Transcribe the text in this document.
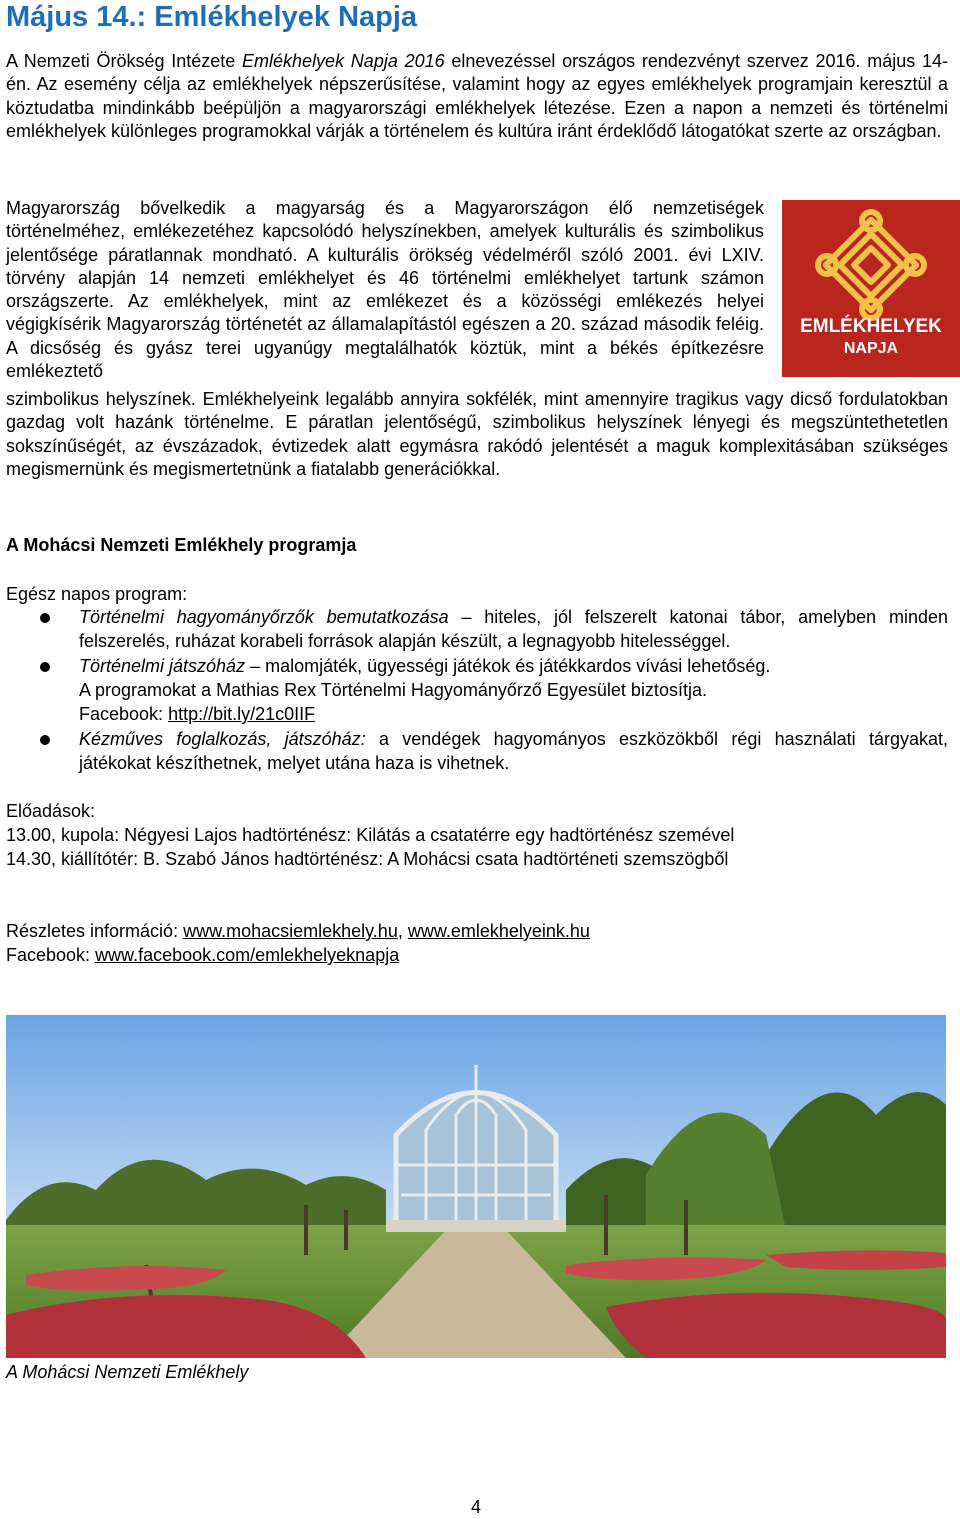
Május 14.: Emlékhelyek Napja
A Nemzeti Örökség Intézete Emlékhelyek Napja 2016 elnevezéssel országos rendezvényt szervez 2016. május 14-én. Az esemény célja az emlékhelyek népszerűsítése, valamint hogy az egyes emlékhelyek programjain keresztül a köztudatba mindinkább beépüljön a magyarországi emlékhelyek létezése. Ezen a napon a nemzeti és történelmi emlékhelyek különleges programokkal várják a történelem és kultúra iránt érdeklődő látogatókat szerte az országban.
Magyarország bővelkedik a magyarság és a Magyarországon élő nemzetiségek történelméhez, emlékezetéhez kapcsolódó helyszínekben, amelyek kulturális és szimbolikus jelentősége páratlannak mondható. A kulturális örökség védelméről szóló 2001. évi LXIV. törvény alapján 14 nemzeti emlékhelyet és 46 történelmi emlékhelyet tartunk számon országszerte. Az emlékhelyek, mint az emlékezet és a közösségi emlékezés helyei végigkísérik Magyarország történetét az államalapítástól egészen a 20. század második feléig. A dicsőség és gyász terei ugyanúgy megtalálhatók köztük, mint a békés építkezésre emlékeztető
szimbolikus helyszínek. Emlékhelyeink legalább annyira sokfélék, mint amennyire tragikus vagy dicső fordulatokban gazdag volt hazánk történelme. E páratlan jelentőségű, szimbolikus helyszínek lényegi és megszüntethetetlen sokszínűségét, az évszázadok, évtizedek alatt egymásra rakódó jelentését a maguk komplexitásában szükséges megismernünk és megismertetnünk a fiatalabb generációkkal.
EMLÉKHELYEK
NAPJA
A Mohácsi Nemzeti Emlékhely programja
Egész napos program:
Történelmi hagyományőrzők bemutatkozása – hiteles, jól felszerelt katonai tábor, amelyben minden felszerelés, ruházat korabeli források alapján készült, a legnagyobb hitelességgel.
Történelmi játszóház – malomjáték, ügyességi játékok és játékkardos vívási lehetőség.
A programokat a Mathias Rex Történelmi Hagyományőrző Egyesület biztosítja.
Facebook: http://bit.ly/21c0IIF
Kézműves foglalkozás, játszóház: a vendégek hagyományos eszközökből régi használati tárgyakat, játékokat készíthetnek, melyet utána haza is vihetnek.
Előadások:
13.00, kupola: Négyesi Lajos hadtörténész: Kilátás a csatatérre egy hadtörténész szemével
14.30, kiállítótér: B. Szabó János hadtörténész: A Mohácsi csata hadtörténeti szemszögből
Részletes információ: www.mohacsiemlekhely.hu, www.emlekhelyeink.hu
Facebook: www.facebook.com/emlekhelyeknapja
A Mohácsi Nemzeti Emlékhely
4
